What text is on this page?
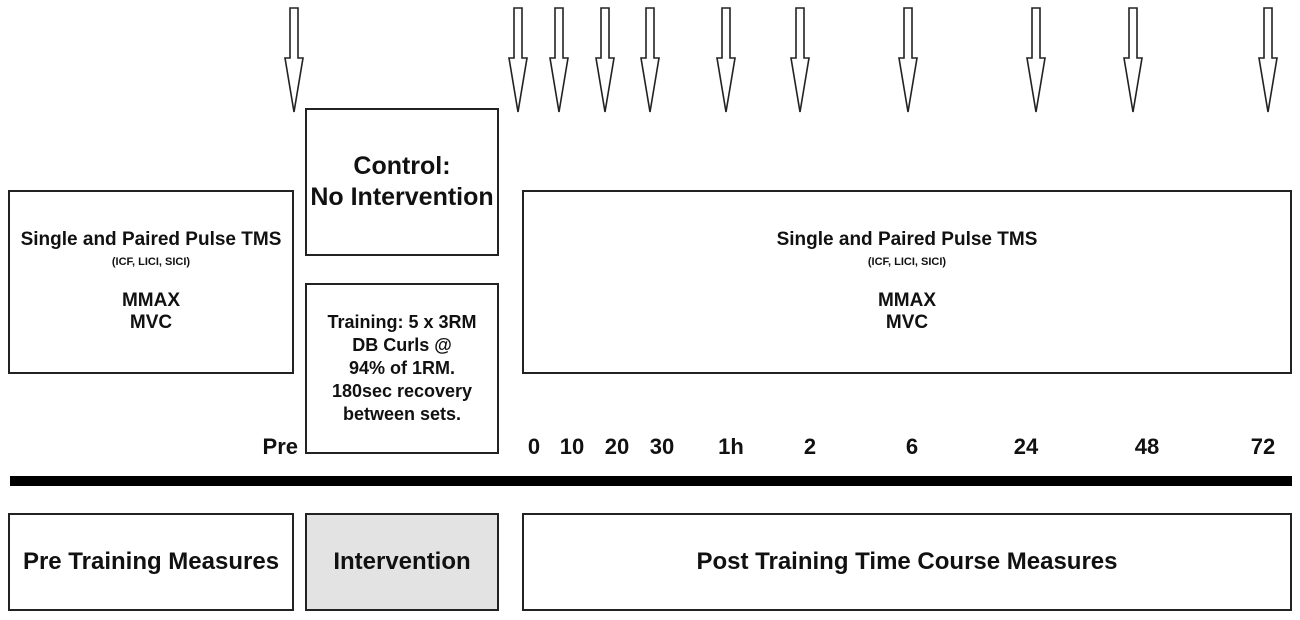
Single and Paired Pulse TMS
(ICF, LICI, SICI)
MMAX
MVC
Control:
No Intervention
Training: 5 x 3RM
DB Curls @
94% of 1RM.
180sec recovery
between sets.
Single and Paired Pulse TMS
(ICF, LICI, SICI)
MMAX
MVC
Pre	0 10 20 30 1h	2	6	24	48	72
Pre Training Measures Intervention	Post Training Time Course Measures
